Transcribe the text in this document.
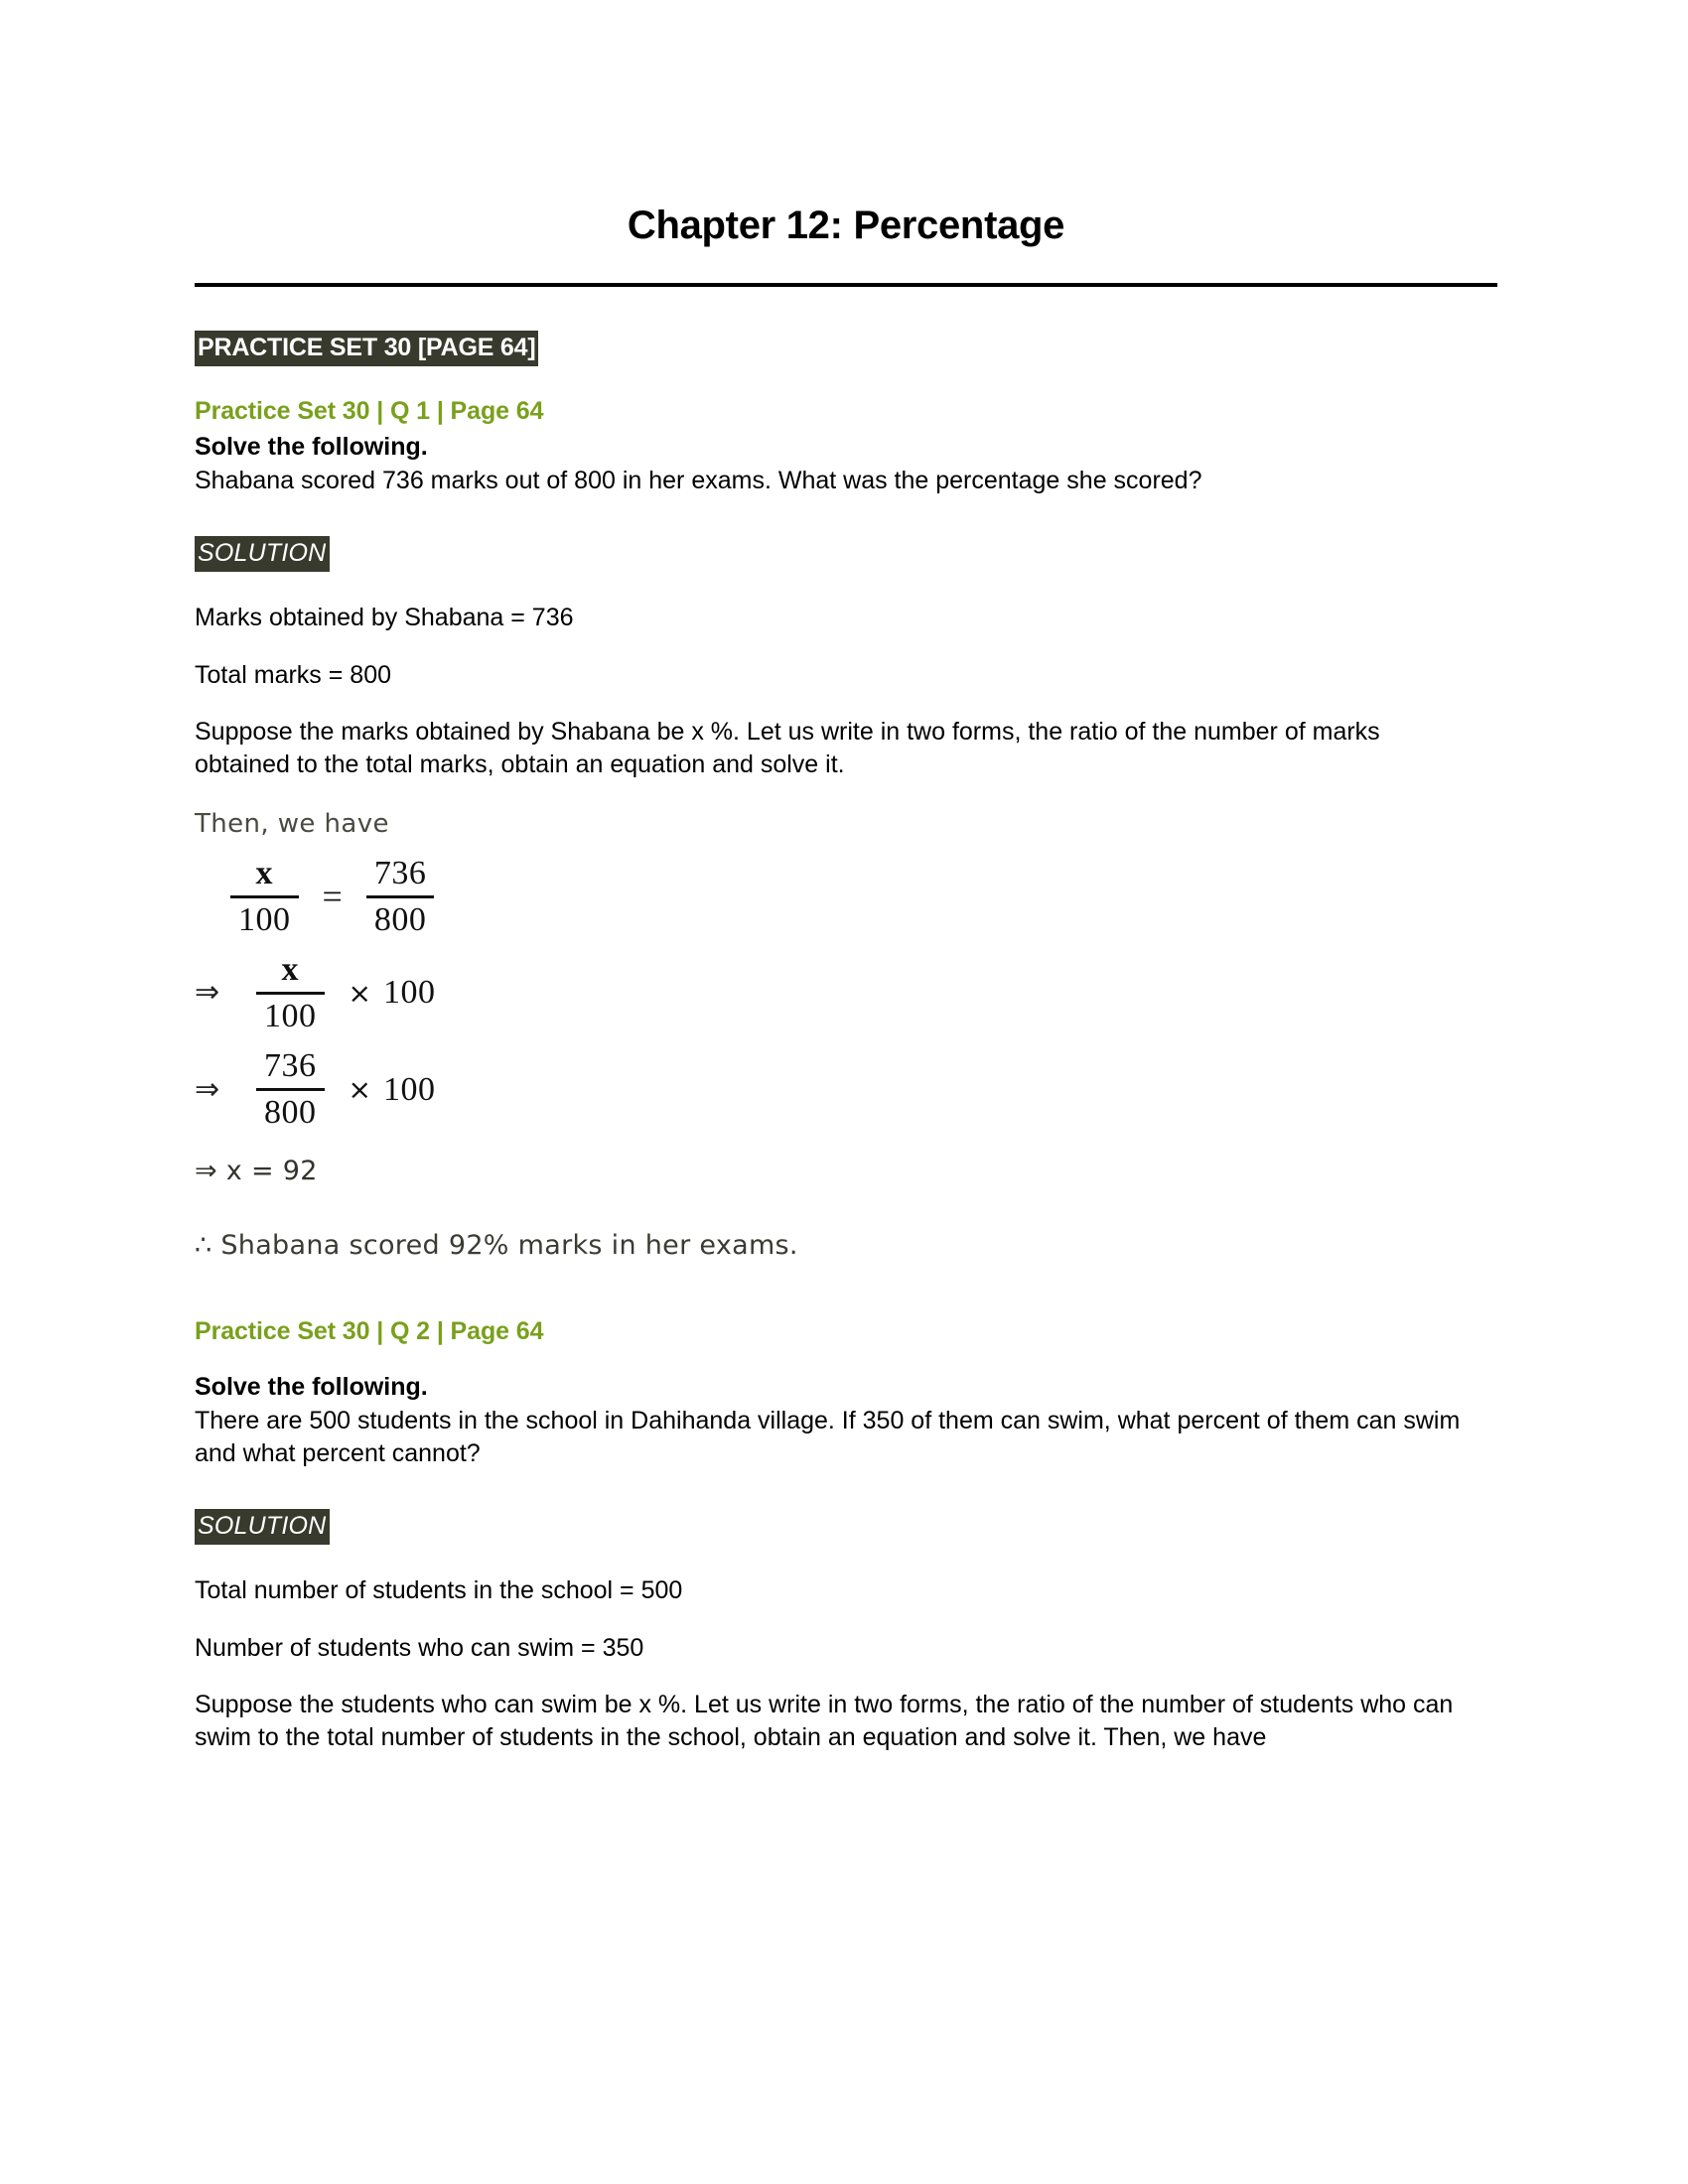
Chapter 12: Percentage
PRACTICE SET 30 [PAGE 64]
Practice Set 30 | Q 1 | Page 64
Solve the following.
Shabana scored 736 marks out of 800 in her exams. What was the percentage she scored?
SOLUTION
Marks obtained by Shabana = 736
Total marks = 800
Suppose the marks obtained by Shabana be x %. Let us write in two forms, the ratio of the number of marks obtained to the total marks, obtain an equation and solve it.
Then, we have
$\frac{x}{100} = \frac{736}{800}$
⇒	$\frac{x}{100} \times 100$
⇒	$\frac{736}{800} \times 100$
⇒ x = 92
∴ Shabana scored 92% marks in her exams.
Practice Set 30 | Q 2 | Page 64
Solve the following.
There are 500 students in the school in Dahihanda village. If 350 of them can swim, what percent of them can swim and what percent cannot?
SOLUTION
Total number of students in the school = 500
Number of students who can swim = 350
Suppose the students who can swim be x %. Let us write in two forms, the ratio of the number of students who can swim to the total number of students in the school, obtain an equation and solve it. Then, we have
